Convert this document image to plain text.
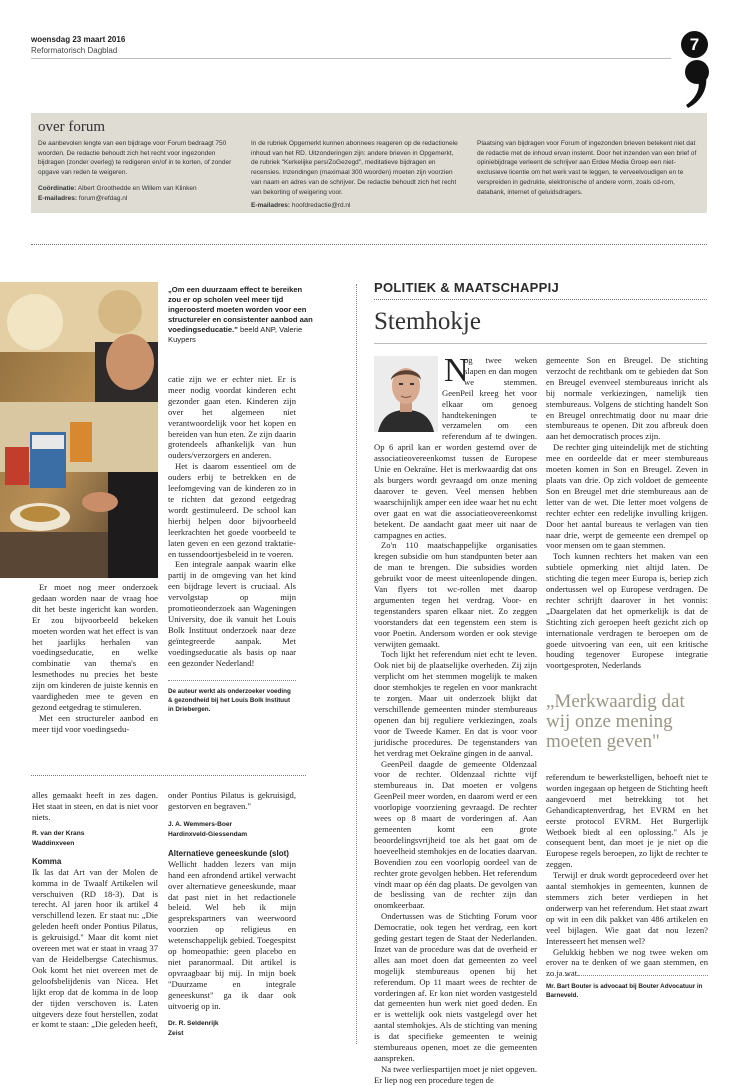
woensdag 23 maart 2016
Reformatorisch Dagblad	7
over forum
De aanbevolen lengte van een bijdrage voor Forum bedraagt 750 woorden. De redactie behoudt zich het recht voor ingezonden bijdragen (zonder overleg) te redigeren en/of in te korten, of zonder opgave van reden te weigeren.
Coördinatie: Albert Groothedde en Willem van Klinken
E-mailadres: forum@refdag.nl
In de rubriek Opgemerkt kunnen abonnees reageren op de redactionele inhoud van het RD. Uitzonderingen zijn: andere brieven in Opgemerkt, de rubriek "Kerkelijke pers/ZoGezegd", meditatieve bijdragen en recensies. Inzendingen (maximaal 300 woorden) moeten zijn voorzien van naam en adres van de schrijver. De redactie behoudt zich het recht van bekorting of weigering voor.
E-mailadres: hoofdredactie@rd.nl
Plaatsing van bijdragen voor Forum of ingezonden brieven betekent niet dat de redactie met de inhoud ervan instemt. Door het inzenden van een brief of opiniebijdrage verleent de schrijver aan Erdee Media Groep een niet-exclusieve licentie om het werk vast te leggen, te verveelvoudigen en te verspreiden in gedrukte, elektronische of andere vorm, zoals cd-rom, databank, internet of geluidsdragers.
„Om een duurzaam effect te bereiken zou er op scholen veel meer tijd ingeroosterd moeten worden voor een structureler en consistenter aanbod aan voedingseducatie." beeld ANP, Valerie Kuypers

Er moet nog meer onderzoek gedaan worden naar de vraag hoe dit het beste ingericht kan worden. Er zou bijvoorbeeld bekeken moeten worden wat het effect is van het jaarlijks herhalen van voedingseducatie, en welke combinatie van thema's en lesmethodes nu precies het beste zijn om kinderen de juiste kennis en vaardigheden mee te geven en gezond eetgedrag te stimuleren.

Met een structureler aanbod en meer tijd voor voedingsedu-

catie zijn we er echter niet. Er is meer nodig voordat kinderen echt gezonder gaan eten. Kinderen zijn over het algemeen niet verantwoordelijk voor het kopen en bereiden van hun eten. Ze zijn daarin grotendeels afhankelijk van hun ouders/verzorgers en anderen.

Het is daarom essentieel om de ouders erbij te betrekken en de leefomgeving van de kinderen zo in te richten dat gezond eetgedrag wordt gestimuleerd. De school kan hierbij helpen door bijvoorbeeld leerkrachten het goede voorbeeld te laten geven en een gezond traktatie- en tussendoortjesbeleid in te voeren.

Een integrale aanpak waarin elke partij in de omgeving van het kind een bijdrage levert is cruciaal. Als vervolgstap op mijn promotieonderzoek aan Wageningen University, doe ik vanuit het Louis Bolk Instituut onderzoek naar deze geïntegreerde aanpak. Met voedingseducatie als basis op naar een gezonder Nederland!

De auteur werkt als onderzoeker voeding & gezondheid bij het Louis Bolk Instituut in Driebergen.

alles gemaakt heeft in zes dagen. Het staat in steen, en dat is niet voor niets.

R. van der Krans
Waddinxveen
Komma

Ik las dat Art van der Molen de komma in de Twaalf Artikelen wil verschuiven (RD 18-3). Dat is terecht. Al jaren hoor ik artikel 4 verschillend lezen. Er staat nu: „Die geleden heeft onder Pontius Pilatus, is gekruisigd." Maar dit komt niet overeen met wat er staat in vraag 37 van de Heidelbergse Catechismus. Ook komt het niet overeen met de geloofsbelijdenis van Nicea. Het lijkt erop dat de komma in de loop der tijden verschoven is. Laten uitgevers deze fout herstellen, zodat er komt te staan: „Die geleden heeft,

onder Pontius Pilatus is gekruisigd, gestorven en begraven."

J. A. Wemmers-Boer
Hardinxveld-Giessendam
Alternatieve geneeskunde (slot)

Wellicht hadden lezers van mijn hand een afrondend artikel verwacht over alternatieve geneeskunde, maar dat past niet in het redactionele beleid. Wel heb ik mijn gesprekspartners van weerwoord voorzien op religieus en wetenschappelijk gebied. Toegespitst op homeopathie: geen placebo en niet paranormaal. Dit artikel is opvraagbaar bij mij. In mijn boek "Duurzame en integrale geneeskunst" ga ik daar ook uitvoerig op in.

Dr. R. Seldenrijk
Zeist
POLITIEK & MAATSCHAPPIJ
Stemhokje
N

og twee weken slapen en dan mogen we stemmen. GeenPeil kreeg het voor elkaar om genoeg handtekeningen te verzamelen om een referendum af te dwingen. Op 6 april kan er worden gestemd over de associatieovereenkomst tussen de Europese Unie en Oekraïne. Het is merkwaardig dat ons als burgers wordt gevraagd om onze mening daarover te geven. Veel mensen hebben waarschijnlijk amper een idee waar het nu echt over gaat en wat die associatieovereenkomst betekent. De aandacht gaat meer uit naar de campagnes en acties.

Zo'n 110 maatschappelijke organisaties kregen subsidie om hun standpunten beter aan de man te brengen. Die subsidies worden gebruikt voor de meest uiteenlopende dingen. Van flyers tot wc-rollen met daarop argumenten tegen het verdrag. Voor- en tegenstanders sparen elkaar niet. Zo zeggen voorstanders dat een tegenstem een stem is voor Poetin. Andersom worden er ook stevige verwijten gemaakt.

Toch lijkt het referendum niet echt te leven. Ook niet bij de plaatselijke overheden. Zij zijn verplicht om het stemmen mogelijk te maken door stemhokjes te regelen en voor mankracht te zorgen. Maar uit onderzoek blijkt dat verschillende gemeenten minder stembureaus openen dan bij reguliere verkiezingen, zoals voor de Tweede Kamer. En dat is voor voor juridische procedures. De tegenstanders van het verdrag met Oekraïne gingen in de aanval.

GeenPeil daagde de gemeente Oldenzaal voor de rechter. Oldenzaal richtte vijf stembureaus in. Dat moeten er volgens GeenPeil meer worden, en daarom werd er een voorlopige voorziening gevraagd. De rechter wees op 8 maart de vorderingen af. Aan gemeenten komt een grote beoordelingsvrijheid toe als het gaat om de hoeveelheid stemhokjes en de locaties daarvan. Bovendien zou een voorlopig oordeel van de rechter grote gevolgen hebben. Het referendum vindt maar op één dag plaats. De gevolgen van de beslissing van de rechter zijn dan onomkeerbaar.

Ondertussen was de Stichting Forum voor Democratie, ook tegen het verdrag, een kort geding gestart tegen de Staat der Nederlanden. Inzet van de procedure was dat de overheid er alles aan moet doen dat gemeenten zo veel mogelijk stembureaus openen bij het referendum. Op 11 maart wees de rechter de vorderingen af. Er kon niet worden vastgesteld dat gemeenten hun werk niet goed deden. En er is wettelijk ook niets vastgelegd over het aantal stemhokjes. Als de stichting van mening is dat specifieke gemeenten te weinig stembureaus openen, moet ze die gemeenten aanspreken.

Na twee verliespartijen moet je niet opgeven. Er liep nog een procedure tegen de

gemeente Son en Breugel. De stichting verzocht de rechtbank om te gebieden dat Son en Breugel evenveel stembureaus inricht als bij normale verkiezingen, namelijk tien stembureaus. Volgens de stichting handelt Son en Breugel onrechtmatig door nu maar drie stembureaus te openen. Dit zou afbreuk doen aan het democratisch proces zijn.

De rechter ging uiteindelijk met de stichting mee en oordeelde dat er meer stembureaus moeten komen in Son en Breugel. Zeven in plaats van drie. Op zich voldoet de gemeente Son en Breugel met drie stembureaus aan de letter van de wet. Die letter moet volgens de rechter echter een redelijke invulling krijgen. Door het aantal bureaus te verlagen van tien naar drie, werpt de gemeente een drempel op voor mensen om te gaan stemmen.

Toch kunnen rechters het maken van een subtiele opmerking niet altijd laten. De stichting die tegen meer Europa is, beriep zich ondertussen wel op Europese verdragen. De rechter schrijft daarover in het vonnis: „Daargelaten dat het opmerkelijk is dat de Stichting zich geroepen heeft gezicht zich op internationale verdragen te beroepen om de goede uitvoering van een, uit een kritische houding tegenover Europese integratie voortgesproten, Nederlands

„Merkwaardig dat wij onze mening moeten geven"

referendum te bewerkstelligen, behoeft niet te worden ingegaan op hetgeen de Stichting heeft aangevoerd met betrekking tot het Gehandicaptenverdrag, het EVRM en het eerste protocol EVRM. Het Burgerlijk Wetboek biedt al een oplossing." Als je consequent bent, dan moet je je niet op die Europese regels beroepen, zo lijkt de rechter te zeggen.

Terwijl er druk wordt geprocedeerd over het aantal stemhokjes in gemeenten, kunnen de stemmers zich beter verdiepen in het onderwerp van het referendum. Het staat zwart op wit in een dik pakket van 486 artikelen en veel bijlagen. Wie gaat dat nou lezen? Interesseert het mensen wel?

Gelukkig hebben we nog twee weken om erover na te denken of we gaan stemmen, en zo ja wat.

Mr. Bart Bouter is advocaat bij Bouter Advocatuur in Barneveld.
